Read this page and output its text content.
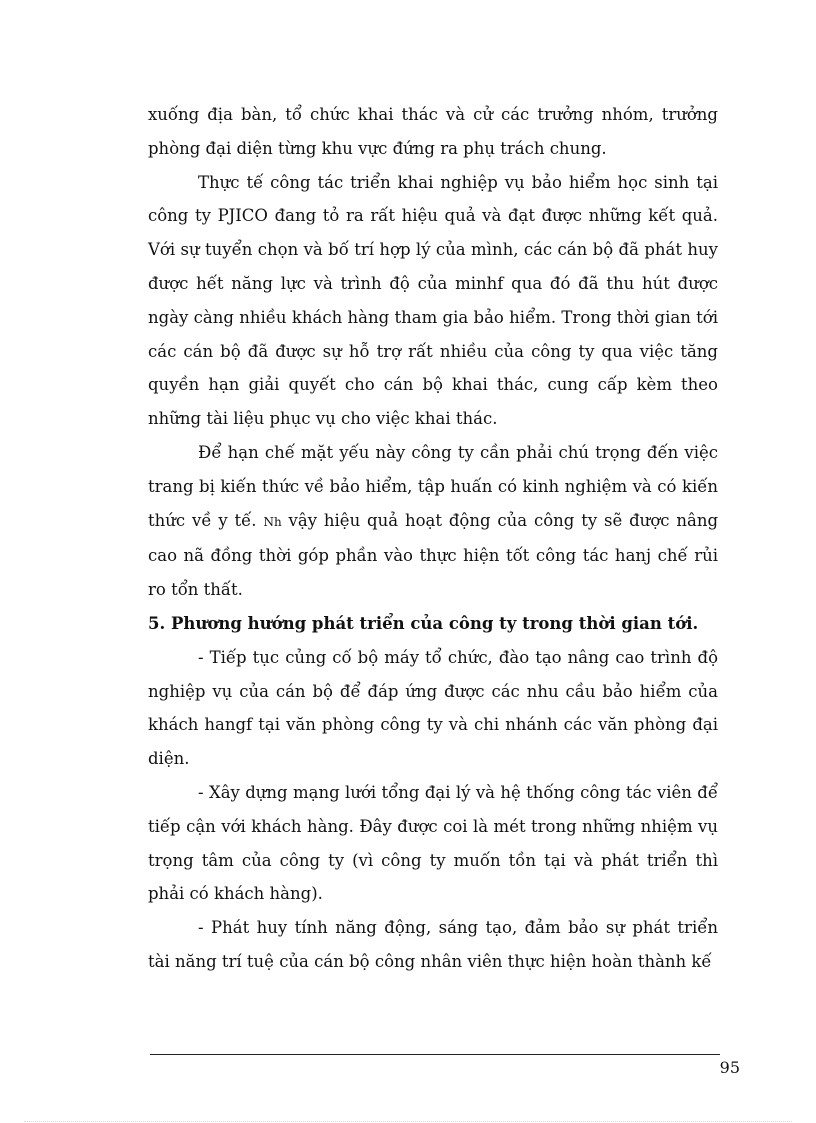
xuống địa bàn, tổ chức khai thác và cử các trưởng nhóm, trưởng phòng đại diện từng khu vực đứng ra phụ trách chung.

Thực tế công tác triển khai nghiệp vụ bảo hiểm học sinh tại công ty PJICO đang tỏ ra rất hiệu quả và đạt được những kết quả. Với sự tuyển chọn và bố trí hợp lý của mình, các cán bộ đã phát huy được hết năng lực và trình độ của minhf qua đó đã thu hút được ngày càng nhiều khách hàng tham gia bảo hiểm. Trong thời gian tới các cán bộ đã được sự hỗ trợ rất nhiều của công ty qua việc tăng quyền hạn giải quyết cho cán bộ khai thác, cung cấp kèm theo những tài liệu phục vụ cho việc khai thác.

Để hạn chế mặt yếu này công ty cần phải chú trọng đến việc trang bị kiến thức về bảo hiểm, tập huấn có kinh nghiệm và có kiến thức về y tế. Nh vậy hiệu quả hoạt động của công ty sẽ được nâng cao nã đồng thời góp phần vào thực hiện tốt công tác hanj chế rủi ro tổn thất.

5. Phương hướng phát triển của công ty trong thời gian tới.

- Tiếp tục củng cố bộ máy tổ chức, đào tạo nâng cao trình độ nghiệp vụ của cán bộ để đáp ứng được các nhu cầu bảo hiểm của khách hangf tại văn phòng công ty và chi nhánh các văn phòng đại diện.

- Xây dựng mạng lưới tổng đại lý và hệ thống công tác viên để tiếp cận với khách hàng. Đây được coi là mét trong những nhiệm vụ trọng tâm của công ty (vì công ty muốn tồn tại và phát triển thì phải có khách hàng).

- Phát huy tính năng động, sáng tạo, đảm bảo sự phát triển tài năng trí tuệ của cán bộ công nhân viên thực hiện hoàn thành kế

95
